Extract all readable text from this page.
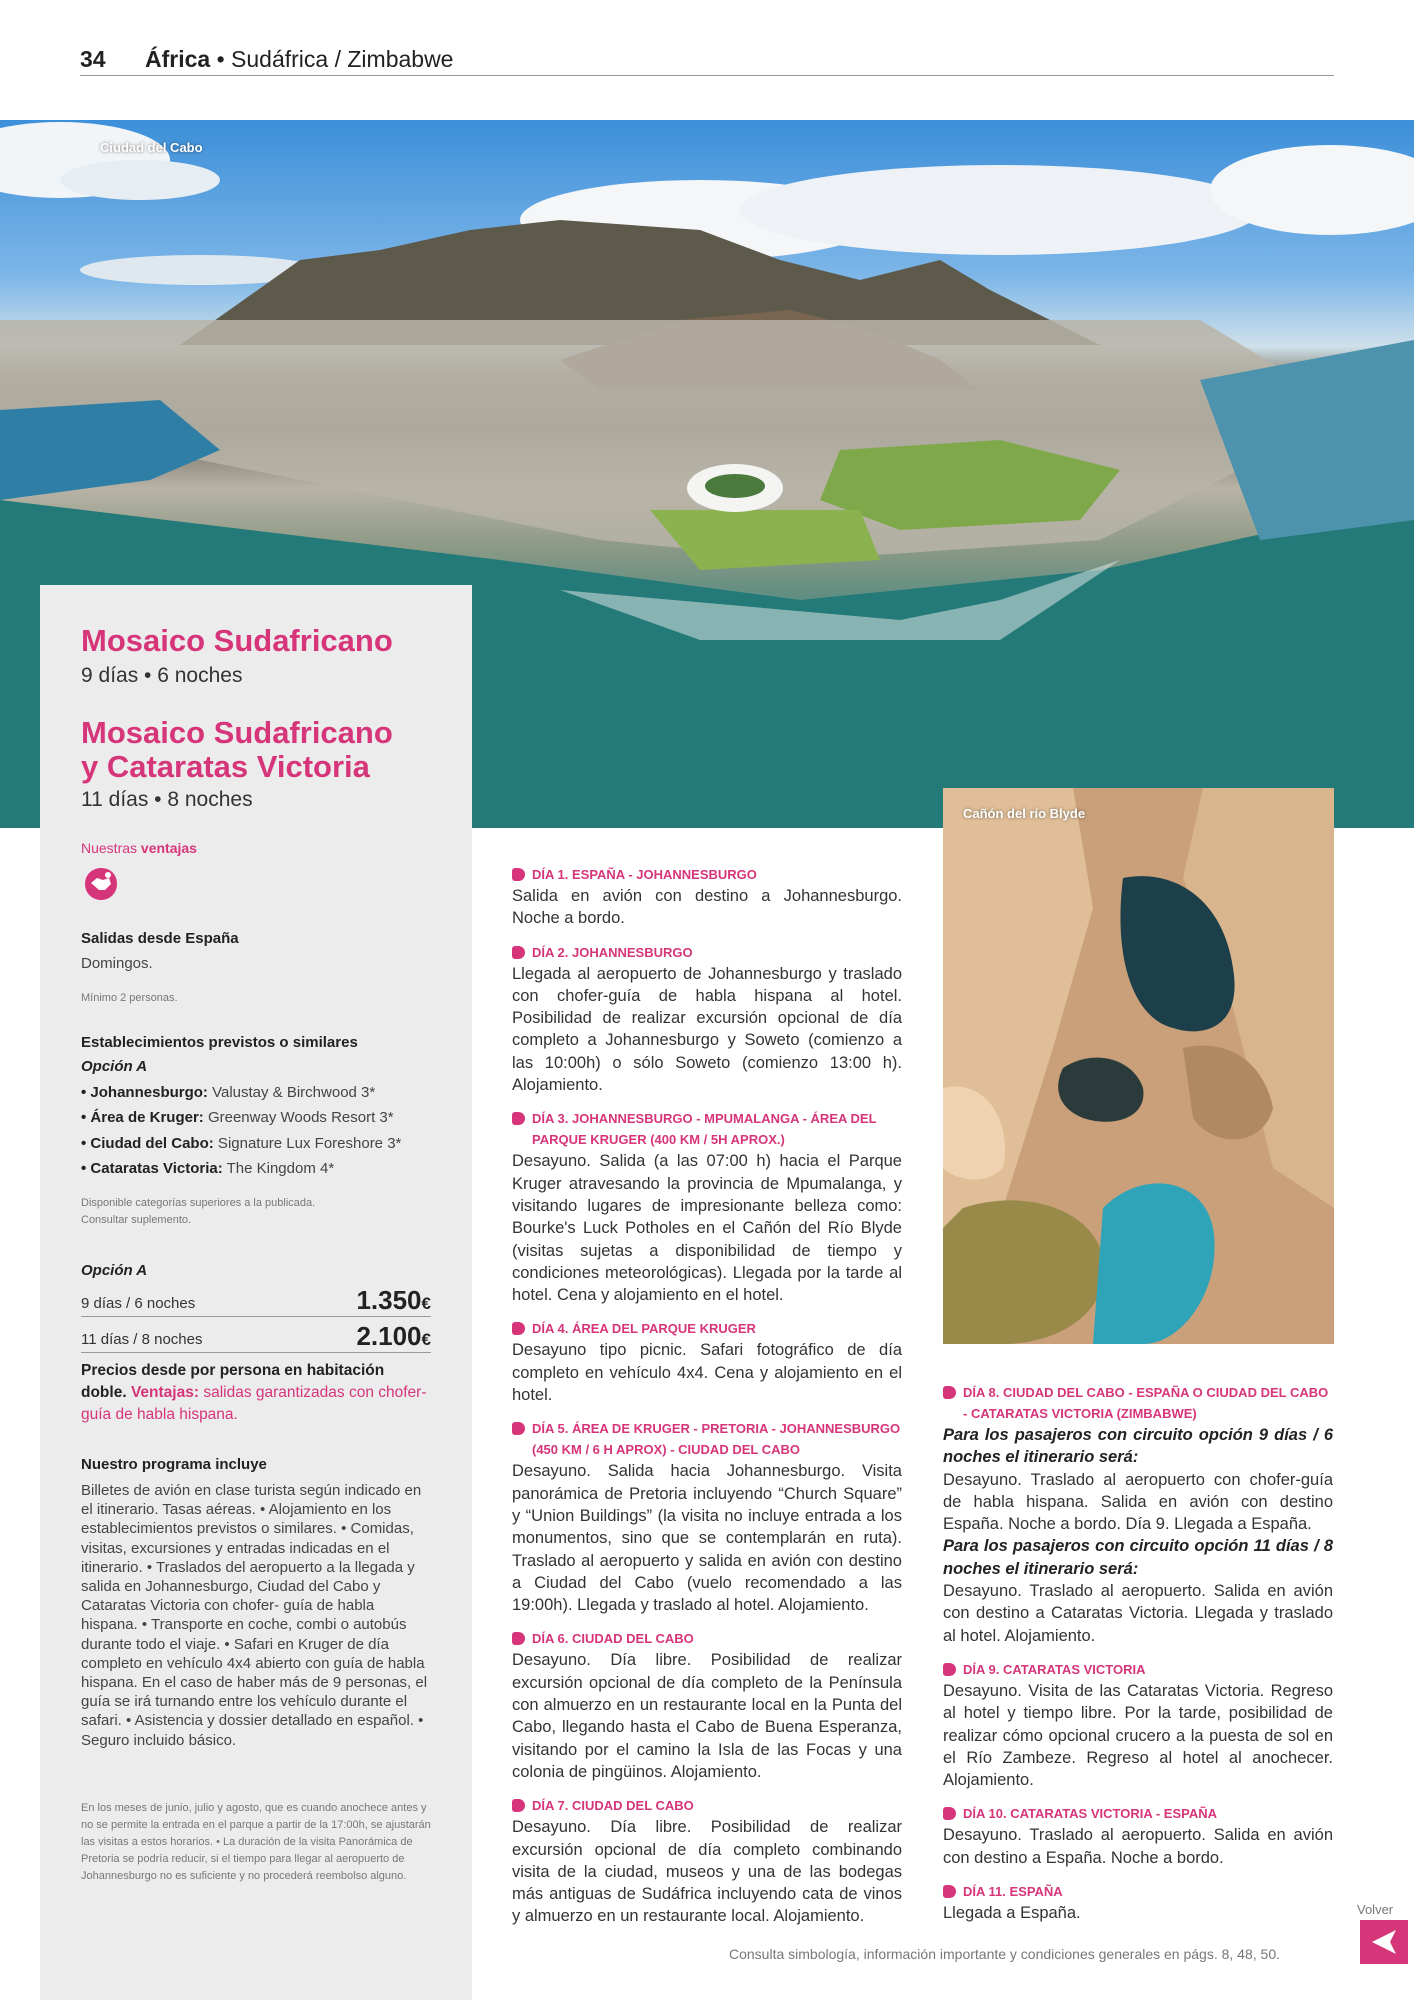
34 África • Sudáfrica / Zimbabwe
Ciudad del Cabo
Mosaico Sudafricano
9 días • 6 noches
Mosaico Sudafricano
y Cataratas Victoria
11 días • 8 noches
Nuestras ventajas
Salidas desde España
Domingos.
Mínimo 2 personas.
Establecimientos previstos o similares
Opción A
• Johannesburgo: Valustay & Birchwood 3*
• Área de Kruger: Greenway Woods Resort 3*
• Ciudad del Cabo: Signature Lux Foreshore 3*
• Cataratas Victoria: The Kingdom 4*
Disponible categorías superiores a la publicada.
Consultar suplemento.
Opción A
9 días / 6 noches	1.350€
11 días / 8 noches	2.100€
Precios desde por persona en habitación doble. Ventajas: salidas garantizadas con chofer-guía de habla hispana.
Nuestro programa incluye
Billetes de avión en clase turista según indicado en el itinerario. Tasas aéreas. • Alojamiento en los establecimientos previstos o similares. • Comidas, visitas, excursiones y entradas indicadas en el itinerario. • Traslados del aeropuerto a la llegada y salida en Johannesburgo, Ciudad del Cabo y Cataratas Victoria con chofer- guía de habla hispana. • Transporte en coche, combi o autobús durante todo el viaje. • Safari en Kruger de día completo en vehículo 4x4 abierto con guía de habla hispana. En el caso de haber más de 9 personas, el guía se irá turnando entre los vehículo durante el safari. • Asistencia y dossier detallado en español. • Seguro incluido básico.
En los meses de junio, julio y agosto, que es cuando anochece antes y no se permite la entrada en el parque a partir de la 17:00h, se ajustarán las visitas a estos horarios. • La duración de la visita Panorámica de Pretoria se podría reducir, si el tiempo para llegar al aeropuerto de Johannesburgo no es suficiente y no procederá reembolso alguno.
DÍA 1. ESPAÑA - JOHANNESBURGO
Salida en avión con destino a Johannesburgo. Noche a bordo.
DÍA 2. JOHANNESBURGO
Llegada al aeropuerto de Johannesburgo y traslado con chofer-guía de habla hispana al hotel. Posibilidad de realizar excursión opcional de día completo a Johannesburgo y Soweto (comienzo a las 10:00h) o sólo Soweto (comienzo 13:00 h). Alojamiento.
DÍA 3. JOHANNESBURGO - MPUMALANGA - ÁREA DEL PARQUE KRUGER (400 KM / 5H APROX.)
Desayuno. Salida (a las 07:00 h) hacia el Parque Kruger atravesando la provincia de Mpumalanga, y visitando lugares de impresionante belleza como: Bourke's Luck Potholes en el Cañón del Río Blyde (visitas sujetas a disponibilidad de tiempo y condiciones meteorológicas). Llegada por la tarde al hotel. Cena y alojamiento en el hotel.
DÍA 4. ÁREA DEL PARQUE KRUGER
Desayuno tipo picnic. Safari fotográfico de día completo en vehículo 4x4. Cena y alojamiento en el hotel.
DÍA 5. ÁREA DE KRUGER - PRETORIA - JOHANNESBURGO (450 KM / 6 H APROX) - CIUDAD DEL CABO
Desayuno. Salida hacia Johannesburgo. Visita panorámica de Pretoria incluyendo “Church Square” y “Union Buildings” (la visita no incluye entrada a los monumentos, sino que se contemplarán en ruta). Traslado al aeropuerto y salida en avión con destino a Ciudad del Cabo (vuelo recomendado a las 19:00h). Llegada y traslado al hotel. Alojamiento.
DÍA 6. CIUDAD DEL CABO
Desayuno. Día libre. Posibilidad de realizar excursión opcional de día completo de la Península con almuerzo en un restaurante local en la Punta del Cabo, llegando hasta el Cabo de Buena Esperanza, visitando por el camino la Isla de las Focas y una colonia de pingüinos. Alojamiento.
DÍA 7. CIUDAD DEL CABO
Desayuno. Día libre. Posibilidad de realizar excursión opcional de día completo combinando visita de la ciudad, museos y una de las bodegas más antiguas de Sudáfrica incluyendo cata de vinos y almuerzo en un restaurante local. Alojamiento.
Cañón del río Blyde
DÍA 8. CIUDAD DEL CABO - ESPAÑA O CIUDAD DEL CABO - CATARATAS VICTORIA (ZIMBABWE)
Para los pasajeros con circuito opción 9 días / 6 noches el itinerario será:
Desayuno. Traslado al aeropuerto con chofer-guía de habla hispana. Salida en avión con destino España. Noche a bordo. Día 9. Llegada a España.
Para los pasajeros con circuito opción 11 días / 8 noches el itinerario será:
Desayuno. Traslado al aeropuerto. Salida en avión con destino a Cataratas Victoria. Llegada y traslado al hotel. Alojamiento.
DÍA 9. CATARATAS VICTORIA
Desayuno. Visita de las Cataratas Victoria. Regreso al hotel y tiempo libre. Por la tarde, posibilidad de realizar cómo opcional crucero a la puesta de sol en el Río Zambeze. Regreso al hotel al anochecer. Alojamiento.
DÍA 10. CATARATAS VICTORIA - ESPAÑA
Desayuno. Traslado al aeropuerto. Salida en avión con destino a España. Noche a bordo.
DÍA 11. ESPAÑA
Llegada a España.
Consulta simbología, información importante y condiciones generales en págs. 8, 48, 50.
Volver
